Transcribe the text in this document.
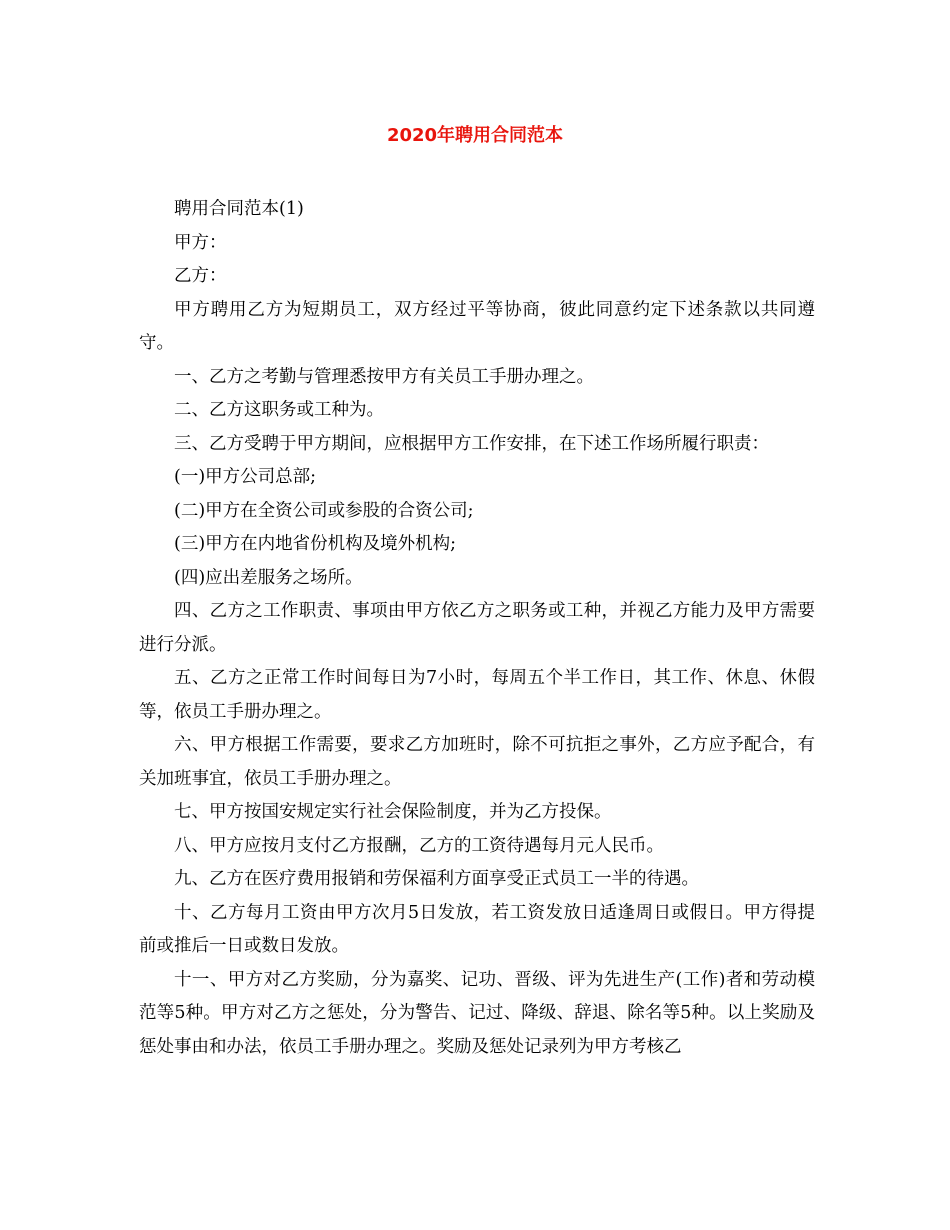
2020年聘用合同范本

聘用合同范本(1)

甲方：

乙方：

甲方聘用乙方为短期员工，双方经过平等协商，彼此同意约定下述条款以共同遵守。

一、乙方之考勤与管理悉按甲方有关员工手册办理之。

二、乙方这职务或工种为。

三、乙方受聘于甲方期间，应根据甲方工作安排，在下述工作场所履行职责：

(一)甲方公司总部;

(二)甲方在全资公司或参股的合资公司;

(三)甲方在内地省份机构及境外机构;

(四)应出差服务之场所。

四、乙方之工作职责、事项由甲方依乙方之职务或工种，并视乙方能力及甲方需要进行分派。

五、乙方之正常工作时间每日为7小时，每周五个半工作日，其工作、休息、休假等，依员工手册办理之。

六、甲方根据工作需要，要求乙方加班时，除不可抗拒之事外，乙方应予配合，有关加班事宜，依员工手册办理之。

七、甲方按国安规定实行社会保险制度，并为乙方投保。

八、甲方应按月支付乙方报酬，乙方的工资待遇每月元人民币。

九、乙方在医疗费用报销和劳保福利方面享受正式员工一半的待遇。

十、乙方每月工资由甲方次月5日发放，若工资发放日适逢周日或假日。甲方得提前或推后一日或数日发放。

十一、甲方对乙方奖励，分为嘉奖、记功、晋级、评为先进生产(工作)者和劳动模范等5种。甲方对乙方之惩处，分为警告、记过、降级、辞退、除名等5种。以上奖励及惩处事由和办法，依员工手册办理之。奖励及惩处记录列为甲方考核乙
